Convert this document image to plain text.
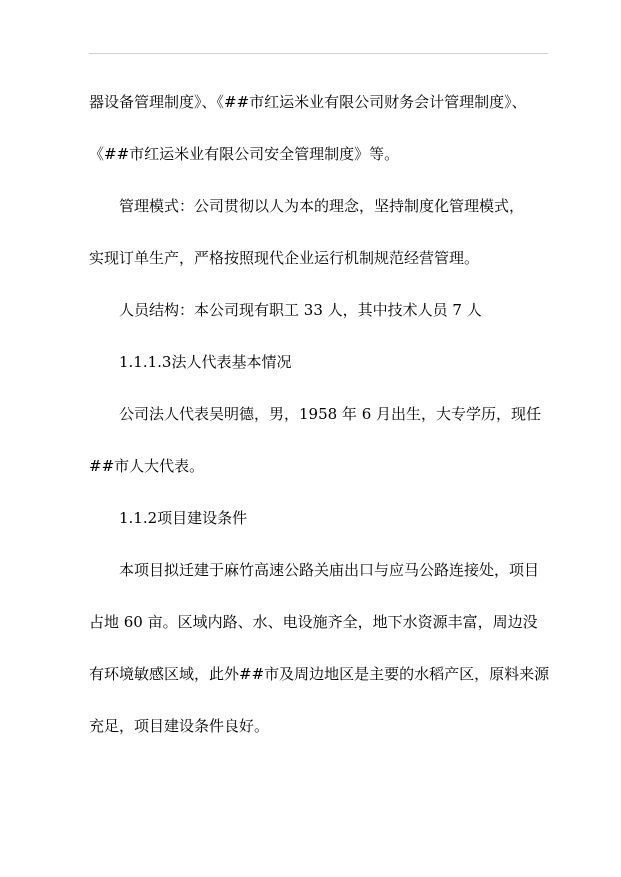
器设备管理制度》、《##市红运米业有限公司财务会计管理制度》、
《##市红运米业有限公司安全管理制度》等。
管理模式：公司贯彻以人为本的理念，坚持制度化管理模式，
实现订单生产，严格按照现代企业运行机制规范经营管理。
人员结构：本公司现有职工 33 人，其中技术人员 7 人
1.1.1.3法人代表基本情况
公司法人代表吴明德，男，1958 年 6 月出生，大专学历，现任
##市人大代表。
1.1.2项目建设条件
本项目拟迁建于麻竹高速公路关庙出口与应马公路连接处，项目
占地 60 亩。区域内路、水、电设施齐全，地下水资源丰富，周边没
有环境敏感区域，此外##市及周边地区是主要的水稻产区，原料来源
充足，项目建设条件良好。
